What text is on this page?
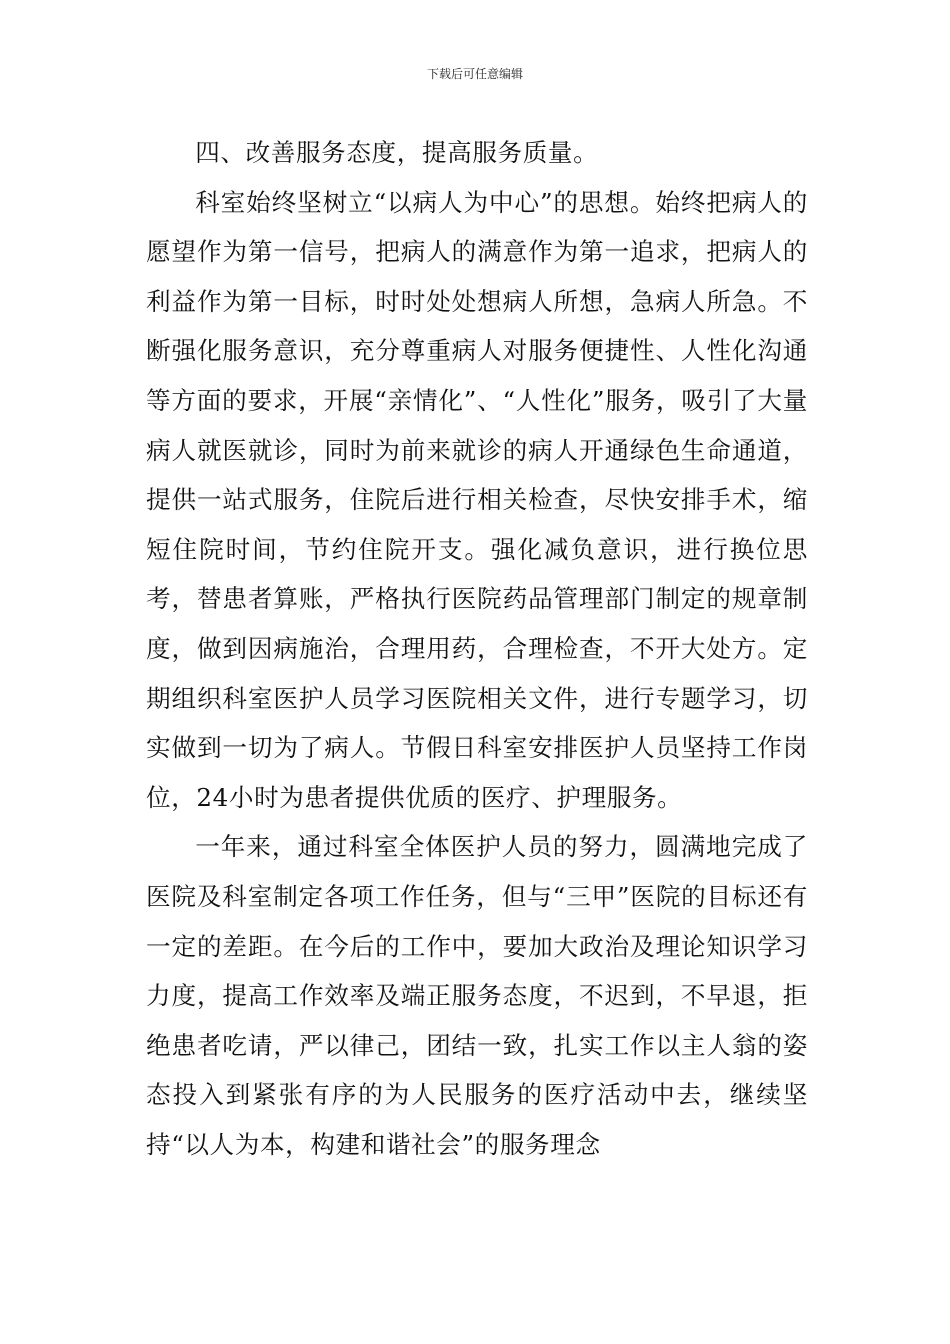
下载后可任意编辑

四、改善服务态度，提高服务质量。

科室始终坚树立“以病人为中心”的思想。始终把病人的愿望作为第一信号，把病人的满意作为第一追求，把病人的利益作为第一目标，时时处处想病人所想，急病人所急。不断强化服务意识，充分尊重病人对服务便捷性、人性化沟通等方面的要求，开展“亲情化”、“人性化”服务，吸引了大量病人就医就诊，同时为前来就诊的病人开通绿色生命通道，提供一站式服务，住院后进行相关检查，尽快安排手术，缩短住院时间，节约住院开支。强化减负意识，进行换位思考，替患者算账，严格执行医院药品管理部门制定的规章制度，做到因病施治，合理用药，合理检查，不开大处方。定期组织科室医护人员学习医院相关文件，进行专题学习，切实做到一切为了病人。节假日科室安排医护人员坚持工作岗位，24小时为患者提供优质的医疗、护理服务。

一年来，通过科室全体医护人员的努力，圆满地完成了医院及科室制定各项工作任务，但与“三甲”医院的目标还有一定的差距。在今后的工作中，要加大政治及理论知识学习力度，提高工作效率及端正服务态度，不迟到，不早退，拒绝患者吃请，严以律己，团结一致，扎实工作以主人翁的姿态投入到紧张有序的为人民服务的医疗活动中去，继续坚持“以人为本，构建和谐社会”的服务理念
